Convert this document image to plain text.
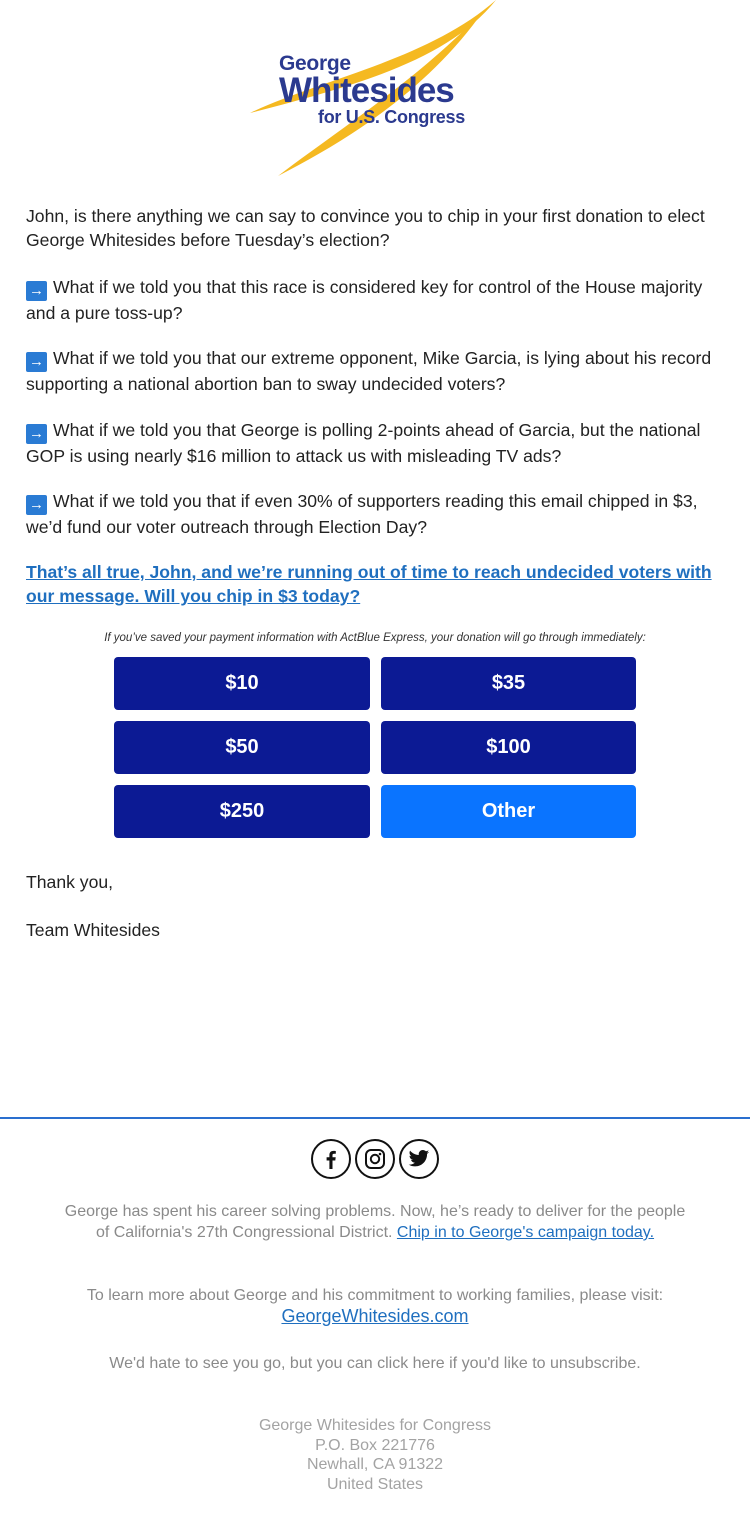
George
Whitesides
for U.S. Congress
John, is there anything we can say to convince you to chip in your first donation to elect George Whitesides before Tuesday’s election?
→ What if we told you that this race is considered key for control of the House majority and a pure toss-up?
→ What if we told you that our extreme opponent, Mike Garcia, is lying about his record supporting a national abortion ban to sway undecided voters?
→ What if we told you that George is polling 2-points ahead of Garcia, but the national GOP is using nearly $16 million to attack us with misleading TV ads?
→ What if we told you that if even 30% of supporters reading this email chipped in $3, we’d fund our voter outreach through Election Day?
That’s all true, John, and we’re running out of time to reach undecided voters with our message. Will you chip in $3 today?
If you’ve saved your payment information with ActBlue Express, your donation will go through immediately:
$10	$35
$50	$100
$250	Other
Thank you,
Team Whitesides
George has spent his career solving problems. Now, he’s ready to deliver for the people of California's 27th Congressional District. Chip in to George's campaign today.
To learn more about George and his commitment to working families, please visit:
GeorgeWhitesides.com
We'd hate to see you go, but you can click here if you'd like to unsubscribe.
George Whitesides for Congress
P.O. Box 221776
Newhall, CA 91322
United States
